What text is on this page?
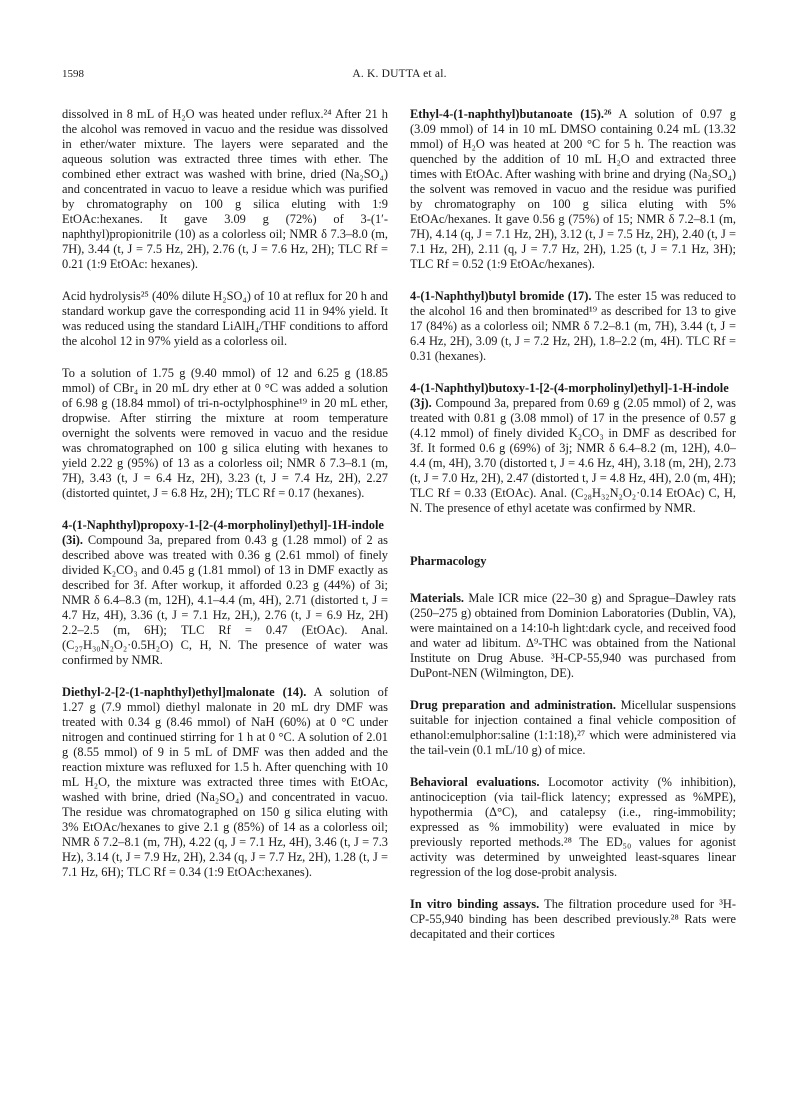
1598	A. K. DUTTA et al.

dissolved in 8 mL of H₂O was heated under reflux.²⁴ After 21 h the alcohol was removed in vacuo and the residue was dissolved in ether/water mixture. The layers were separated and the aqueous solution was extracted three times with ether. The combined ether extract was washed with brine, dried (Na₂SO₄) and concentrated in vacuo to leave a residue which was purified by chromatography on 100 g silica eluting with 1:9 EtOAc:hexanes. It gave 3.09 g (72%) of 3-(1′-naphthyl)propionitrile (10) as a colorless oil; NMR δ 7.3–8.0 (m, 7H), 3.44 (t, J = 7.5 Hz, 2H), 2.76 (t, J = 7.6 Hz, 2H); TLC Rf = 0.21 (1:9 EtOAc: hexanes).

Acid hydrolysis²⁵ (40% dilute H₂SO₄) of 10 at reflux for 20 h and standard workup gave the corresponding acid 11 in 94% yield. It was reduced using the standard LiAlH₄/THF conditions to afford the alcohol 12 in 97% yield as a colorless oil.

To a solution of 1.75 g (9.40 mmol) of 12 and 6.25 g (18.85 mmol) of CBr₄ in 20 mL dry ether at 0 °C was added a solution of 6.98 g (18.84 mmol) of tri-n-octylphosphine¹⁹ in 20 mL ether, dropwise. After stirring the mixture at room temperature overnight the solvents were removed in vacuo and the residue was chromatographed on 100 g silica eluting with hexanes to yield 2.22 g (95%) of 13 as a colorless oil; NMR δ 7.3–8.1 (m, 7H), 3.43 (t, J = 6.4 Hz, 2H), 3.23 (t, J = 7.4 Hz, 2H), 2.27 (distorted quintet, J = 6.8 Hz, 2H); TLC Rf = 0.17 (hexanes).

4-(1-Naphthyl)propoxy-1-[2-(4-morpholinyl)ethyl]-1H-indole (3i). Compound 3a, prepared from 0.43 g (1.28 mmol) of 2 as described above was treated with 0.36 g (2.61 mmol) of finely divided K₂CO₃ and 0.45 g (1.81 mmol) of 13 in DMF exactly as described for 3f. After workup, it afforded 0.23 g (44%) of 3i; NMR δ 6.4–8.3 (m, 12H), 4.1–4.4 (m, 4H), 2.71 (distorted t, J = 4.7 Hz, 4H), 3.36 (t, J = 7.1 Hz, 2H,), 2.76 (t, J = 6.9 Hz, 2H) 2.2–2.5 (m, 6H); TLC Rf = 0.47 (EtOAc). Anal. (C₂₇H₃₀N₂O₂·0.5H₂O) C, H, N. The presence of water was confirmed by NMR.

Diethyl-2-[2-(1-naphthyl)ethyl]malonate (14). A solution of 1.27 g (7.9 mmol) diethyl malonate in 20 mL dry DMF was treated with 0.34 g (8.46 mmol) of NaH (60%) at 0 °C under nitrogen and continued stirring for 1 h at 0 °C. A solution of 2.01 g (8.55 mmol) of 9 in 5 mL of DMF was then added and the reaction mixture was refluxed for 1.5 h. After quenching with 10 mL H₂O, the mixture was extracted three times with EtOAc, washed with brine, dried (Na₂SO₄) and concentrated in vacuo. The residue was chromatographed on 150 g silica eluting with 3% EtOAc/hexanes to give 2.1 g (85%) of 14 as a colorless oil; NMR δ 7.2–8.1 (m, 7H), 4.22 (q, J = 7.1 Hz, 4H), 3.46 (t, J = 7.3 Hz), 3.14 (t, J = 7.9 Hz, 2H), 2.34 (q, J = 7.7 Hz, 2H), 1.28 (t, J = 7.1 Hz, 6H); TLC Rf = 0.34 (1:9 EtOAc:hexanes).

Ethyl-4-(1-naphthyl)butanoate (15).²⁶ A solution of 0.97 g (3.09 mmol) of 14 in 10 mL DMSO containing 0.24 mL (13.32 mmol) of H₂O was heated at 200 °C for 5 h. The reaction was quenched by the addition of 10 mL H₂O and extracted three times with EtOAc. After washing with brine and drying (Na₂SO₄) the solvent was removed in vacuo and the residue was purified by chromatography on 100 g silica eluting with 5% EtOAc/hexanes. It gave 0.56 g (75%) of 15; NMR δ 7.2–8.1 (m, 7H), 4.14 (q, J = 7.1 Hz, 2H), 3.12 (t, J = 7.5 Hz, 2H), 2.40 (t, J = 7.1 Hz, 2H), 2.11 (q, J = 7.7 Hz, 2H), 1.25 (t, J = 7.1 Hz, 3H); TLC Rf = 0.52 (1:9 EtOAc/hexanes).

4-(1-Naphthyl)butyl bromide (17). The ester 15 was reduced to the alcohol 16 and then brominated¹⁹ as described for 13 to give 17 (84%) as a colorless oil; NMR δ 7.2–8.1 (m, 7H), 3.44 (t, J = 6.4 Hz, 2H), 3.09 (t, J = 7.2 Hz, 2H), 1.8–2.2 (m, 4H). TLC Rf = 0.31 (hexanes).

4-(1-Naphthyl)butoxy-1-[2-(4-morpholinyl)ethyl]-1-H-indole (3j). Compound 3a, prepared from 0.69 g (2.05 mmol) of 2, was treated with 0.81 g (3.08 mmol) of 17 in the presence of 0.57 g (4.12 mmol) of finely divided K₂CO₃ in DMF as described for 3f. It formed 0.6 g (69%) of 3j; NMR δ 6.4–8.2 (m, 12H), 4.0–4.4 (m, 4H), 3.70 (distorted t, J = 4.6 Hz, 4H), 3.18 (m, 2H), 2.73 (t, J = 7.0 Hz, 2H), 2.47 (distorted t, J = 4.8 Hz, 4H), 2.0 (m, 4H); TLC Rf = 0.33 (EtOAc). Anal. (C₂₈H₃₂N₂O₂·0.14 EtOAc) C, H, N. The presence of ethyl acetate was confirmed by NMR.

Pharmacology

Materials. Male ICR mice (22–30 g) and Sprague–Dawley rats (250–275 g) obtained from Dominion Laboratories (Dublin, VA), were maintained on a 14:10-h light:dark cycle, and received food and water ad libitum. Δ⁹-THC was obtained from the National Institute on Drug Abuse. ³H-CP-55,940 was purchased from DuPont-NEN (Wilmington, DE).

Drug preparation and administration. Micellular suspensions suitable for injection contained a final vehicle composition of ethanol:emulphor:saline (1:1:18),²⁷ which were administered via the tail-vein (0.1 mL/10 g) of mice.

Behavioral evaluations. Locomotor activity (% inhibition), antinociception (via tail-flick latency; expressed as %MPE), hypothermia (Δ°C), and catalepsy (i.e., ring-immobility; expressed as % immobility) were evaluated in mice by previously reported methods.²⁸ The ED₅₀ values for agonist activity was determined by unweighted least-squares linear regression of the log dose-probit analysis.

In vitro binding assays. The filtration procedure used for ³H-CP-55,940 binding has been described previously.²⁸ Rats were decapitated and their cortices
